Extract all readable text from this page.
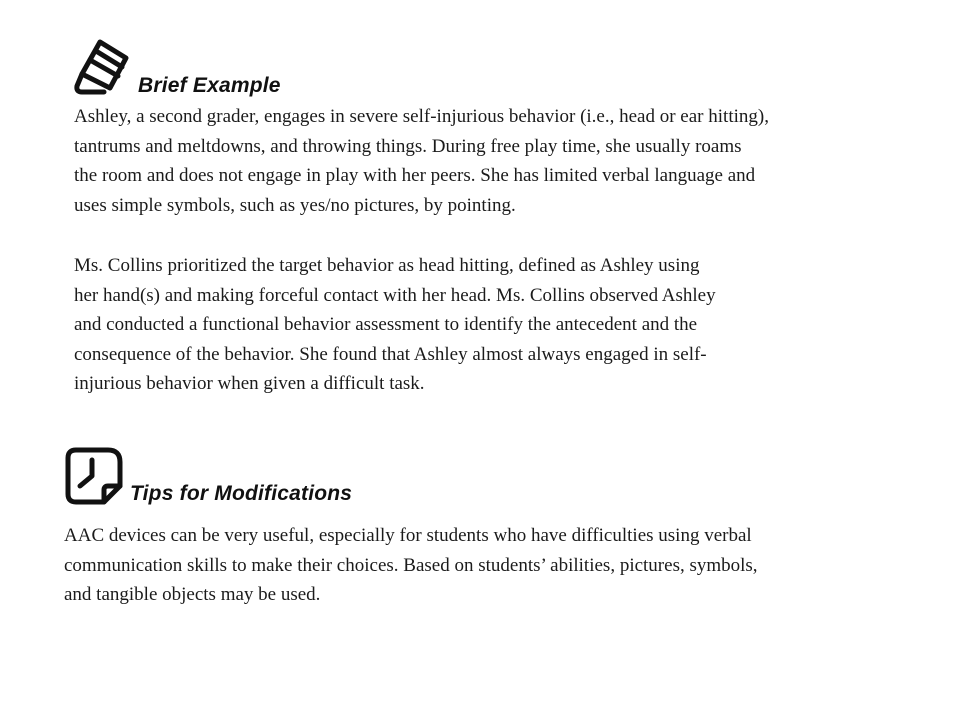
Brief Example

Ashley, a second grader, engages in severe self-injurious behavior (i.e., head or ear hitting),
tantrums and meltdowns, and throwing things. During free play time, she usually roams
the room and does not engage in play with her peers. She has limited verbal language and
uses simple symbols, such as yes/no pictures, by pointing.

Ms. Collins prioritized the target behavior as head hitting, defined as Ashley using
her hand(s) and making forceful contact with her head. Ms. Collins observed Ashley
and conducted a functional behavior assessment to identify the antecedent and the
consequence of the behavior. She found that Ashley almost always engaged in self-
injurious behavior when given a difficult task.

Tips for Modifications

AAC devices can be very useful, especially for students who have difficulties using verbal
communication skills to make their choices. Based on students’ abilities, pictures, symbols,
and tangible objects may be used.
